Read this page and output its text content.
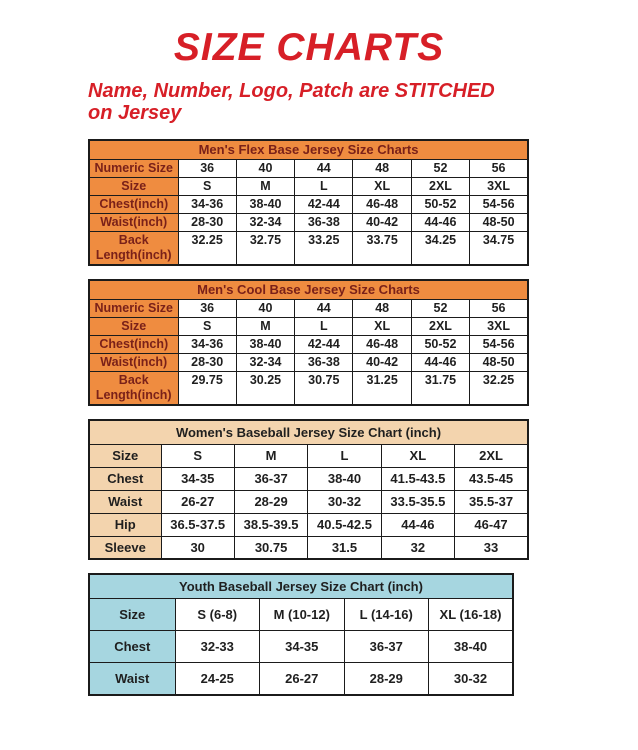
SIZE CHARTS

Name, Number, Logo, Patch are STITCHED on Jersey

Men's Flex Base Jersey Size Charts						
Numeric Size	36	40	44	48	52	56
Size	S	M	L	XL	2XL	3XL
Chest(inch)	34-36	38-40	42-44	46-48	50-52	54-56
Waist(inch)	28-30	32-34	36-38	40-42	44-46	48-50
Back Length(inch)	32.25	32.75	33.25	33.75	34.25	34.75
Men's Cool Base Jersey Size Charts						
Numeric Size	36	40	44	48	52	56
Size	S	M	L	XL	2XL	3XL
Chest(inch)	34-36	38-40	42-44	46-48	50-52	54-56
Waist(inch)	28-30	32-34	36-38	40-42	44-46	48-50
Back Length(inch)	29.75	30.25	30.75	31.25	31.75	32.25
Women's Baseball Jersey Size Chart (inch)					
Size	S	M	L	XL	2XL
Chest	34-35	36-37	38-40	41.5-43.5	43.5-45
Waist	26-27	28-29	30-32	33.5-35.5	35.5-37
Hip	36.5-37.5	38.5-39.5	40.5-42.5	44-46	46-47
Sleeve	30	30.75	31.5	32	33
Youth Baseball Jersey Size Chart (inch)				
Size	S (6-8)	M (10-12)	L (14-16)	XL (16-18)
Chest	32-33	34-35	36-37	38-40
Waist	24-25	26-27	28-29	30-32
